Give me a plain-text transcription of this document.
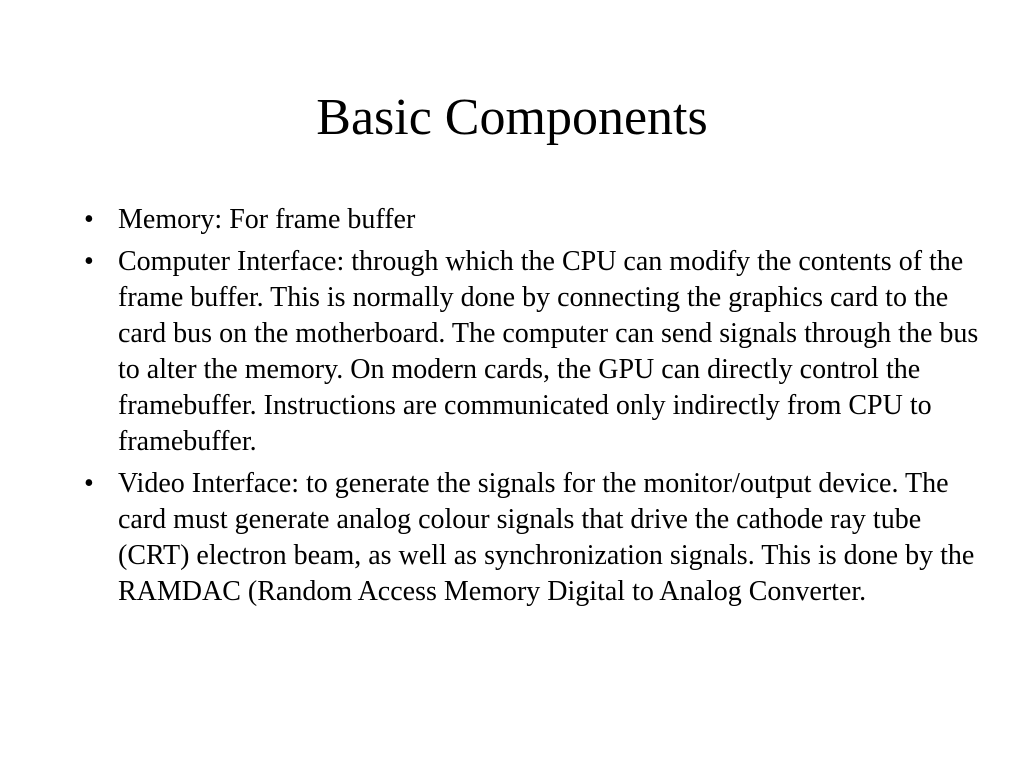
Basic Components
• Memory: For frame buffer
• Computer Interface: through which the CPU can modify the contents of the frame buffer. This is normally done by connecting the graphics card to the card bus on the motherboard. The computer can send signals through the bus to alter the memory. On modern cards, the GPU can directly control the framebuffer. Instructions are communicated only indirectly from CPU to framebuffer.
• Video Interface: to generate the signals for the monitor/output device. The card must generate analog colour signals that drive the cathode ray tube (CRT) electron beam, as well as synchronization signals. This is done by the RAMDAC (Random Access Memory Digital to Analog Converter.
